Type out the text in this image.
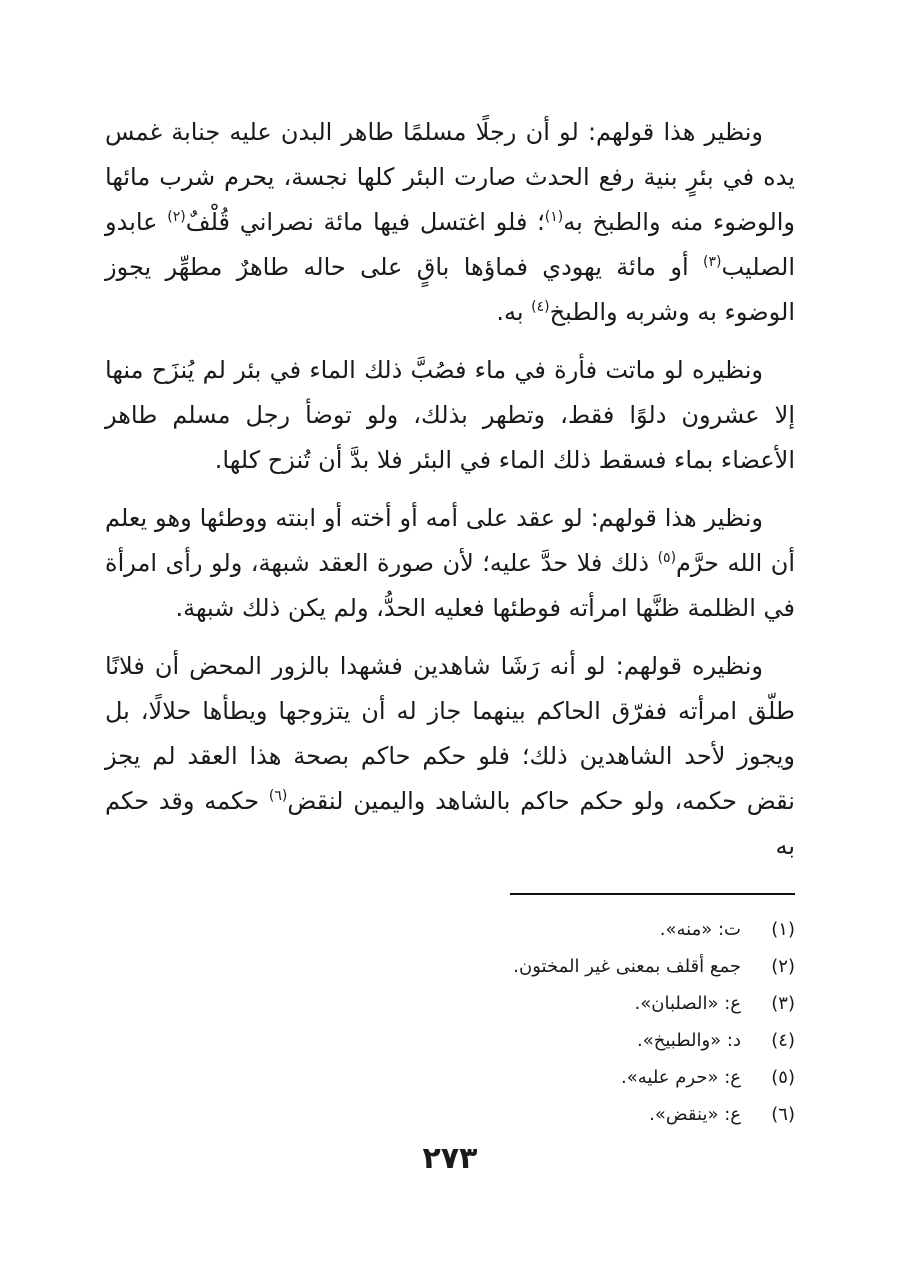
ونظير هذا قولهم: لو أن رجلًا مسلمًا طاهر البدن عليه جنابة غمس يده في بئرٍ بنية رفع الحدث صارت البئر كلها نجسة، يحرم شرب مائها والوضوء منه والطبخ به$^{(١)}$؛ فلو اغتسل فيها مائة نصراني قُلْفٌ$^{(٢)}$ عابدو الصليب$^{(٣)}$ أو مائة يهودي فماؤها باقٍ على حاله طاهرٌ مطهِّر يجوز الوضوء به وشربه والطبخ$^{(٤)}$ به.

ونظيره لو ماتت فأرة في ماء فصُبَّ ذلك الماء في بئر لم يُنزَح منها إلا عشرون دلوًا فقط، وتطهر بذلك، ولو توضأ رجل مسلم طاهر الأعضاء بماء فسقط ذلك الماء في البئر فلا بدَّ أن تُنزح كلها.

ونظير هذا قولهم: لو عقد على أمه أو أخته أو ابنته ووطئها وهو يعلم أن الله حرَّم$^{(٥)}$ ذلك فلا حدَّ عليه؛ لأن صورة العقد شبهة، ولو رأى امرأة في الظلمة ظنَّها امرأته فوطئها فعليه الحدُّ، ولم يكن ذلك شبهة.

ونظيره قولهم: لو أنه رَشَا شاهدين فشهدا بالزور المحض أن فلانًا طلّق امرأته ففرّق الحاكم بينهما جاز له أن يتزوجها ويطأها حلالًا، بل ويجوز لأحد الشاهدين ذلك؛ فلو حكم حاكم بصحة هذا العقد لم يجز نقض حكمه، ولو حكم حاكم بالشاهد واليمين لنقض$^{(٦)}$ حكمه وقد حكم به

(١)
ت: «منه».
(٢)
جمع أقلف بمعنى غير المختون.
(٣)
ع: «الصلبان».
(٤)
د: «والطبيخ».
(٥)
ع: «حرم عليه».
(٦)
ع: «ينقض».
٢٧٣
